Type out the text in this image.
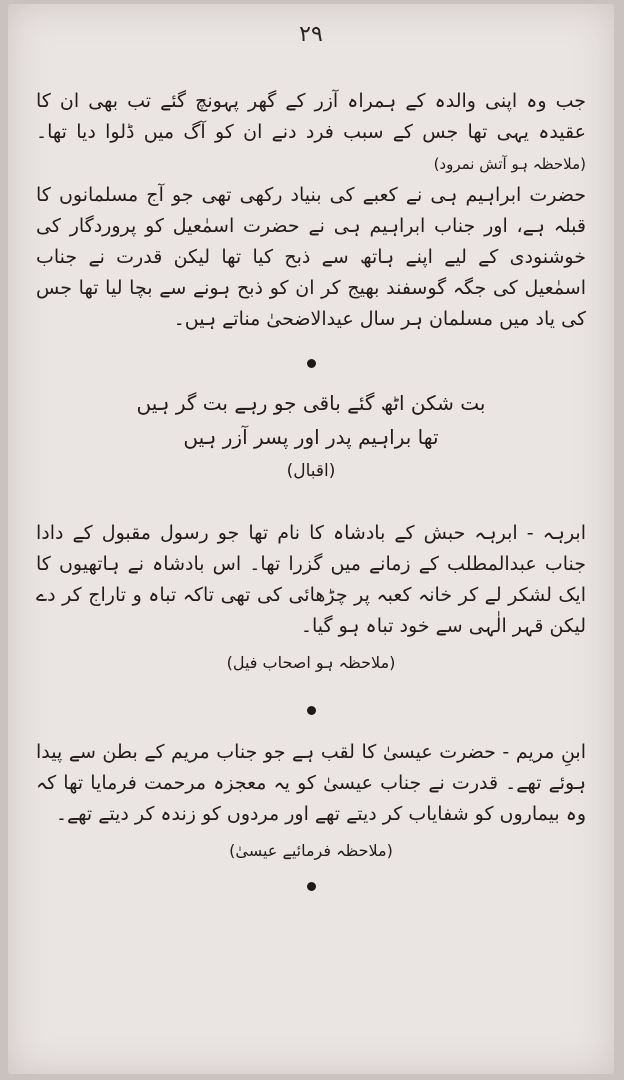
۲۹

جب وہ اپنی والدہ کے ہمراہ آزر کے گھر پہونچ گئے تب بھی ان کا عقیدہ یہی تھا جس کے سبب فرد دنے ان کو آگ میں ڈلوا دیا تھا۔ (ملاحظہ ہو آتش نمرود)

حضرت ابراہیم ہی نے کعبے کی بنیاد رکھی تھی جو آج مسلمانوں کا قبلہ ہے، اور جناب ابراہیم ہی نے حضرت اسمٰعیل کو پروردگار کی خوشنودی کے لیے اپنے ہاتھ سے ذبح کیا تھا لیکن قدرت نے جناب اسمٰعیل کی جگہ گوسفند بھیج کر ان کو ذبح ہونے سے بچا لیا تھا جس کی یاد میں مسلمان ہر سال عیدالاضحیٰ مناتے ہیں۔

بت شکن اٹھ گئے باقی جو رہے بت گر ہیں
تھا براہیم پدر اور پسر آزر ہیں
(اقبال)

ابرہہ - ابرہہ حبش کے بادشاہ کا نام تھا جو رسول مقبول کے دادا جناب عبدالمطلب کے زمانے میں گزرا تھا۔ اس بادشاہ نے ہاتھیوں کا ایک لشکر لے کر خانہ کعبہ پر چڑھائی کی تھی تاکہ تباہ و تاراج کر دے لیکن قہر الٰہی سے خود تباہ ہو گیا۔

(ملاحظہ ہو اصحاب فیل)

ابنِ مریم - حضرت عیسیٰ کا لقب ہے جو جناب مریم کے بطن سے پیدا ہوئے تھے۔ قدرت نے جناب عیسیٰ کو یہ معجزہ مرحمت فرمایا تھا کہ وہ بیماروں کو شفایاب کر دیتے تھے اور مردوں کو زندہ کر دیتے تھے۔

(ملاحظہ فرمائیے عیسیٰ)
